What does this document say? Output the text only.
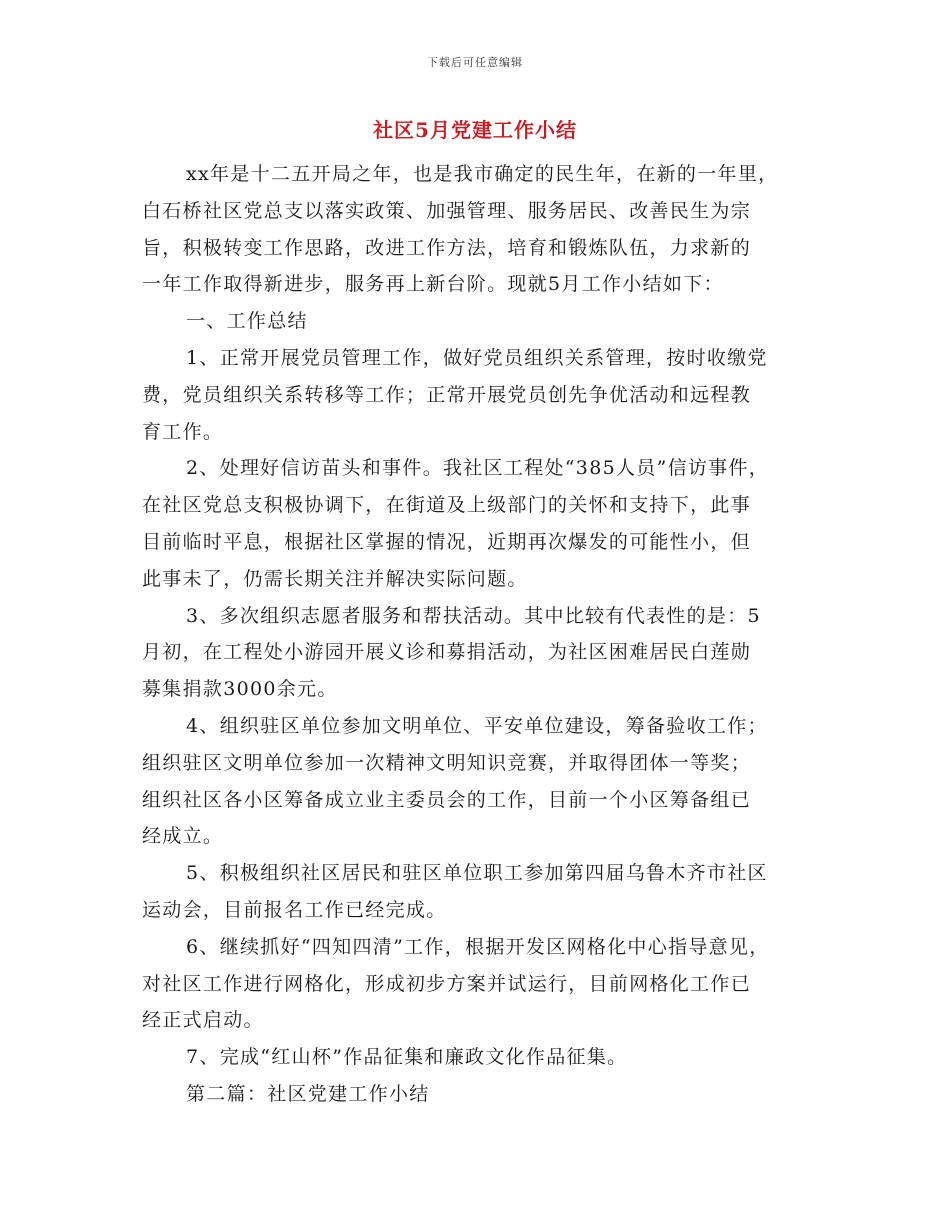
下载后可任意编辑
社区5月党建工作小结
xx年是十二五开局之年，也是我市确定的民生年，在新的一年里，
白石桥社区党总支以落实政策、加强管理、服务居民、改善民生为宗
旨，积极转变工作思路，改进工作方法，培育和锻炼队伍，力求新的
一年工作取得新进步，服务再上新台阶。现就5月工作小结如下：
一、工作总结
1、正常开展党员管理工作，做好党员组织关系管理，按时收缴党
费，党员组织关系转移等工作；正常开展党员创先争优活动和远程教
育工作。
2、处理好信访苗头和事件。我社区工程处“385人员”信访事件，
在社区党总支积极协调下，在街道及上级部门的关怀和支持下，此事
目前临时平息，根据社区掌握的情况，近期再次爆发的可能性小，但
此事未了，仍需长期关注并解决实际问题。
3、多次组织志愿者服务和帮扶活动。其中比较有代表性的是：5
月初，在工程处小游园开展义诊和募捐活动，为社区困难居民白莲勋
募集捐款3000余元。
4、组织驻区单位参加文明单位、平安单位建设，筹备验收工作；
组织驻区文明单位参加一次精神文明知识竞赛，并取得团体一等奖；
组织社区各小区筹备成立业主委员会的工作，目前一个小区筹备组已
经成立。
5、积极组织社区居民和驻区单位职工参加第四届乌鲁木齐市社区
运动会，目前报名工作已经完成。
6、继续抓好“四知四清”工作，根据开发区网格化中心指导意见，
对社区工作进行网格化，形成初步方案并试运行，目前网格化工作已
经正式启动。
7、完成“红山杯”作品征集和廉政文化作品征集。
第二篇：社区党建工作小结
